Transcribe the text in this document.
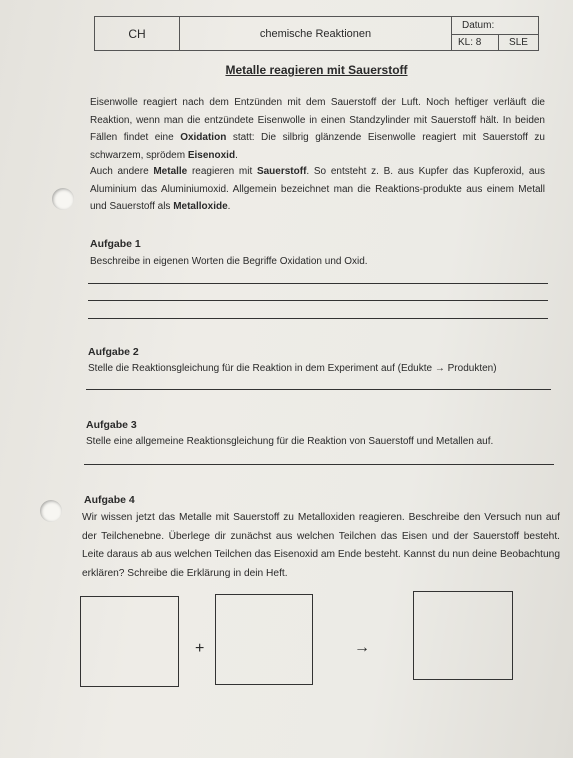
CH	chemische Reaktionen
Datum:
KL: 8	SLE
Metalle reagieren mit Sauerstoff
Eisenwolle reagiert nach dem Entzünden mit dem Sauerstoff der Luft. Noch heftiger verläuft die Reaktion, wenn man die entzündete Eisenwolle in einen Standzylinder mit Sauerstoff hält. In beiden Fällen findet eine Oxidation statt: Die silbrig glänzende Eisenwolle reagiert mit Sauerstoff zu schwarzem, sprödem Eisenoxid.
Auch andere Metalle reagieren mit Sauerstoff. So entsteht z. B. aus Kupfer das Kupferoxid, aus Aluminium das Aluminiumoxid. Allgemein bezeichnet man die Reaktions-produkte aus einem Metall und Sauerstoff als Metalloxide.
Aufgabe 1
Beschreibe in eigenen Worten die Begriffe Oxidation und Oxid.
Aufgabe 2
Stelle die Reaktionsgleichung für die Reaktion in dem Experiment auf (Edukte → Produkten)
Aufgabe 3
Stelle eine allgemeine Reaktionsgleichung für die Reaktion von Sauerstoff und Metallen auf.
Aufgabe 4
Wir wissen jetzt das Metalle mit Sauerstoff zu Metalloxiden reagieren. Beschreibe den Versuch nun auf der Teilchenebne. Überlege dir zunächst aus welchen Teilchen das Eisen und der Sauerstoff besteht. Leite daraus ab aus welchen Teilchen das Eisenoxid am Ende besteht. Kannst du nun deine Beobachtung erklären? Schreibe die Erklärung in dein Heft.
+	→
